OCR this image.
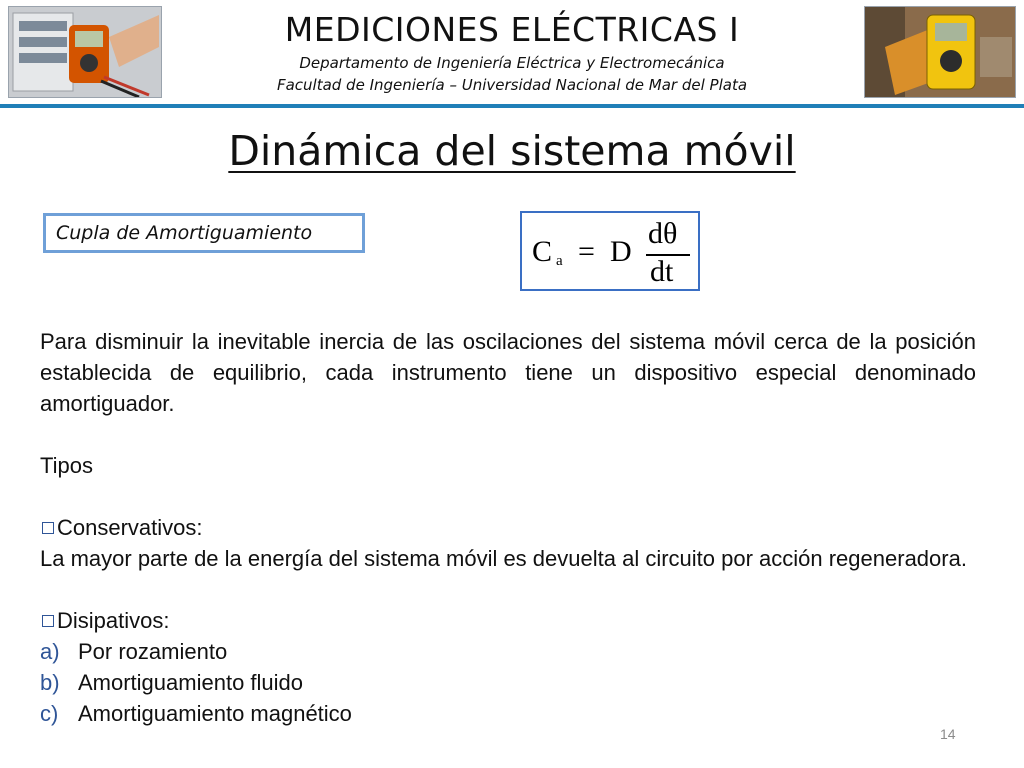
MEDICIONES ELÉCTRICAS I
Departamento de Ingeniería Eléctrica y Electromecánica
Facultad de Ingeniería – Universidad Nacional de Mar del Plata
Dinámica del sistema móvil
Cupla de Amortiguamiento
C a = D
dθ
dt

Para disminuir la inevitable inercia de las oscilaciones del sistema móvil cerca de la posición establecida de equilibrio, cada instrumento tiene un dispositivo especial denominado amortiguador.

Tipos

Conservativos:

La mayor parte de la energía del sistema móvil es devuelta al circuito por acción regeneradora.

Disipativos:

a) Por rozamiento

b) Amortiguamiento fluido

c) Amortiguamiento magnético

14
